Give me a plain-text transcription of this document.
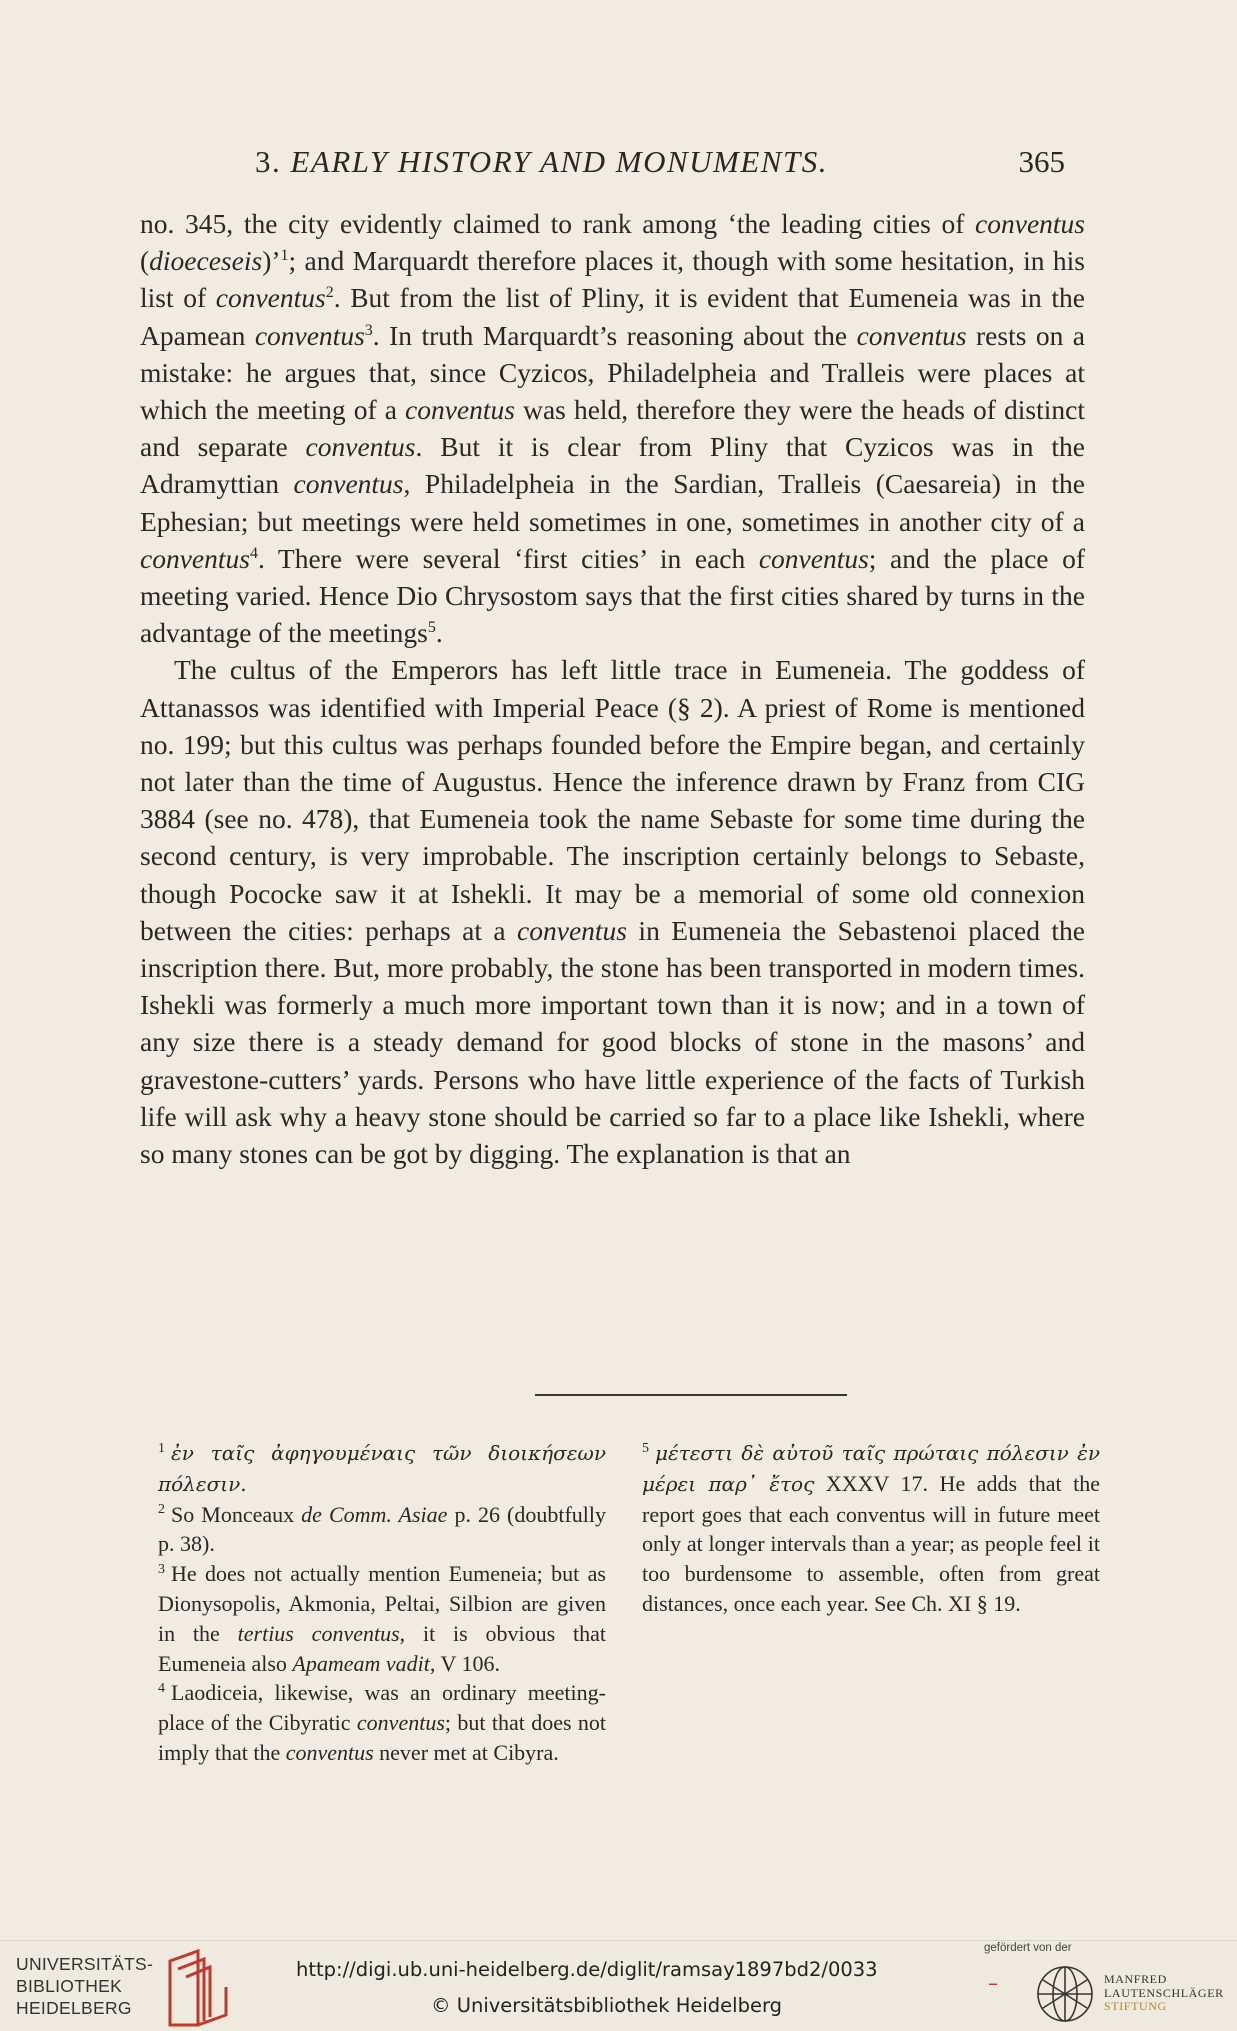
3. EARLY HISTORY AND MONUMENTS.	365

no. 345, the city evidently claimed to rank among ‘the leading cities of conventus (dioeceseis)’$^1$; and Marquardt therefore places it, though with some hesitation, in his list of conventus$^2$. But from the list of Pliny, it is evident that Eumeneia was in the Apamean conventus$^3$. In truth Marquardt’s reasoning about the conventus rests on a mistake: he argues that, since Cyzicos, Philadelpheia and Tralleis were places at which the meeting of a conventus was held, therefore they were the heads of distinct and separate conventus. But it is clear from Pliny that Cyzicos was in the Adramyttian conventus, Philadelpheia in the Sardian, Tralleis (Caesareia) in the Ephesian; but meetings were held sometimes in one, sometimes in another city of a conventus$^4$. There were several ‘first cities’ in each conventus; and the place of meeting varied. Hence Dio Chrysostom says that the first cities shared by turns in the advantage of the meetings$^5$.

The cultus of the Emperors has left little trace in Eumeneia. The goddess of Attanassos was identified with Imperial Peace (§ 2). A priest of Rome is mentioned no. 199; but this cultus was perhaps founded before the Empire began, and certainly not later than the time of Augustus. Hence the inference drawn by Franz from CIG 3884 (see no. 478), that Eumeneia took the name Sebaste for some time during the second century, is very improbable. The inscription certainly belongs to Sebaste, though Pococke saw it at Ishekli. It may be a memorial of some old connexion between the cities: perhaps at a conventus in Eumeneia the Sebastenoi placed the inscription there. But, more probably, the stone has been transported in modern times. Ishekli was formerly a much more important town than it is now; and in a town of any size there is a steady demand for good blocks of stone in the masons’ and gravestone-cutters’ yards. Persons who have little experience of the facts of Turkish life will ask why a heavy stone should be carried so far to a place like Ishekli, where so many stones can be got by digging. The explanation is that an

$^1$ ἐν ταῖς ἀφηγουμέναις τῶν διοικήσεων πόλεσιν.

$^2$ So Monceaux de Comm. Asiae p. 26 (doubtfully p. 38).

$^3$ He does not actually mention Eumeneia; but as Dionysopolis, Akmonia, Peltai, Silbion are given in the tertius conventus, it is obvious that Eumeneia also Apameam vadit, V 106.

$^4$ Laodiceia, likewise, was an ordinary meeting-place of the Cibyratic conventus; but that does not imply that the conventus never met at Cibyra.

$^5$ μέτεστι δὲ αὐτοῦ ταῖς πρώταις πόλεσιν ἐν μέρει παρ᾽ ἔτος XXXV 17. He adds that the report goes that each conventus will in future meet only at longer intervals than a year; as people feel it too burdensome to assemble, often from great distances, once each year. See Ch. XI § 19.

UNIVERSITÄTS-
BIBLIOTHEK
HEIDELBERG
http://digi.ub.uni-heidelberg.de/diglit/ramsay1897bd2/0033
© Universitätsbibliothek Heidelberg
–
gefördert von der
MANFRED
LAUTENSCHLÄGER
STIFTUNG
